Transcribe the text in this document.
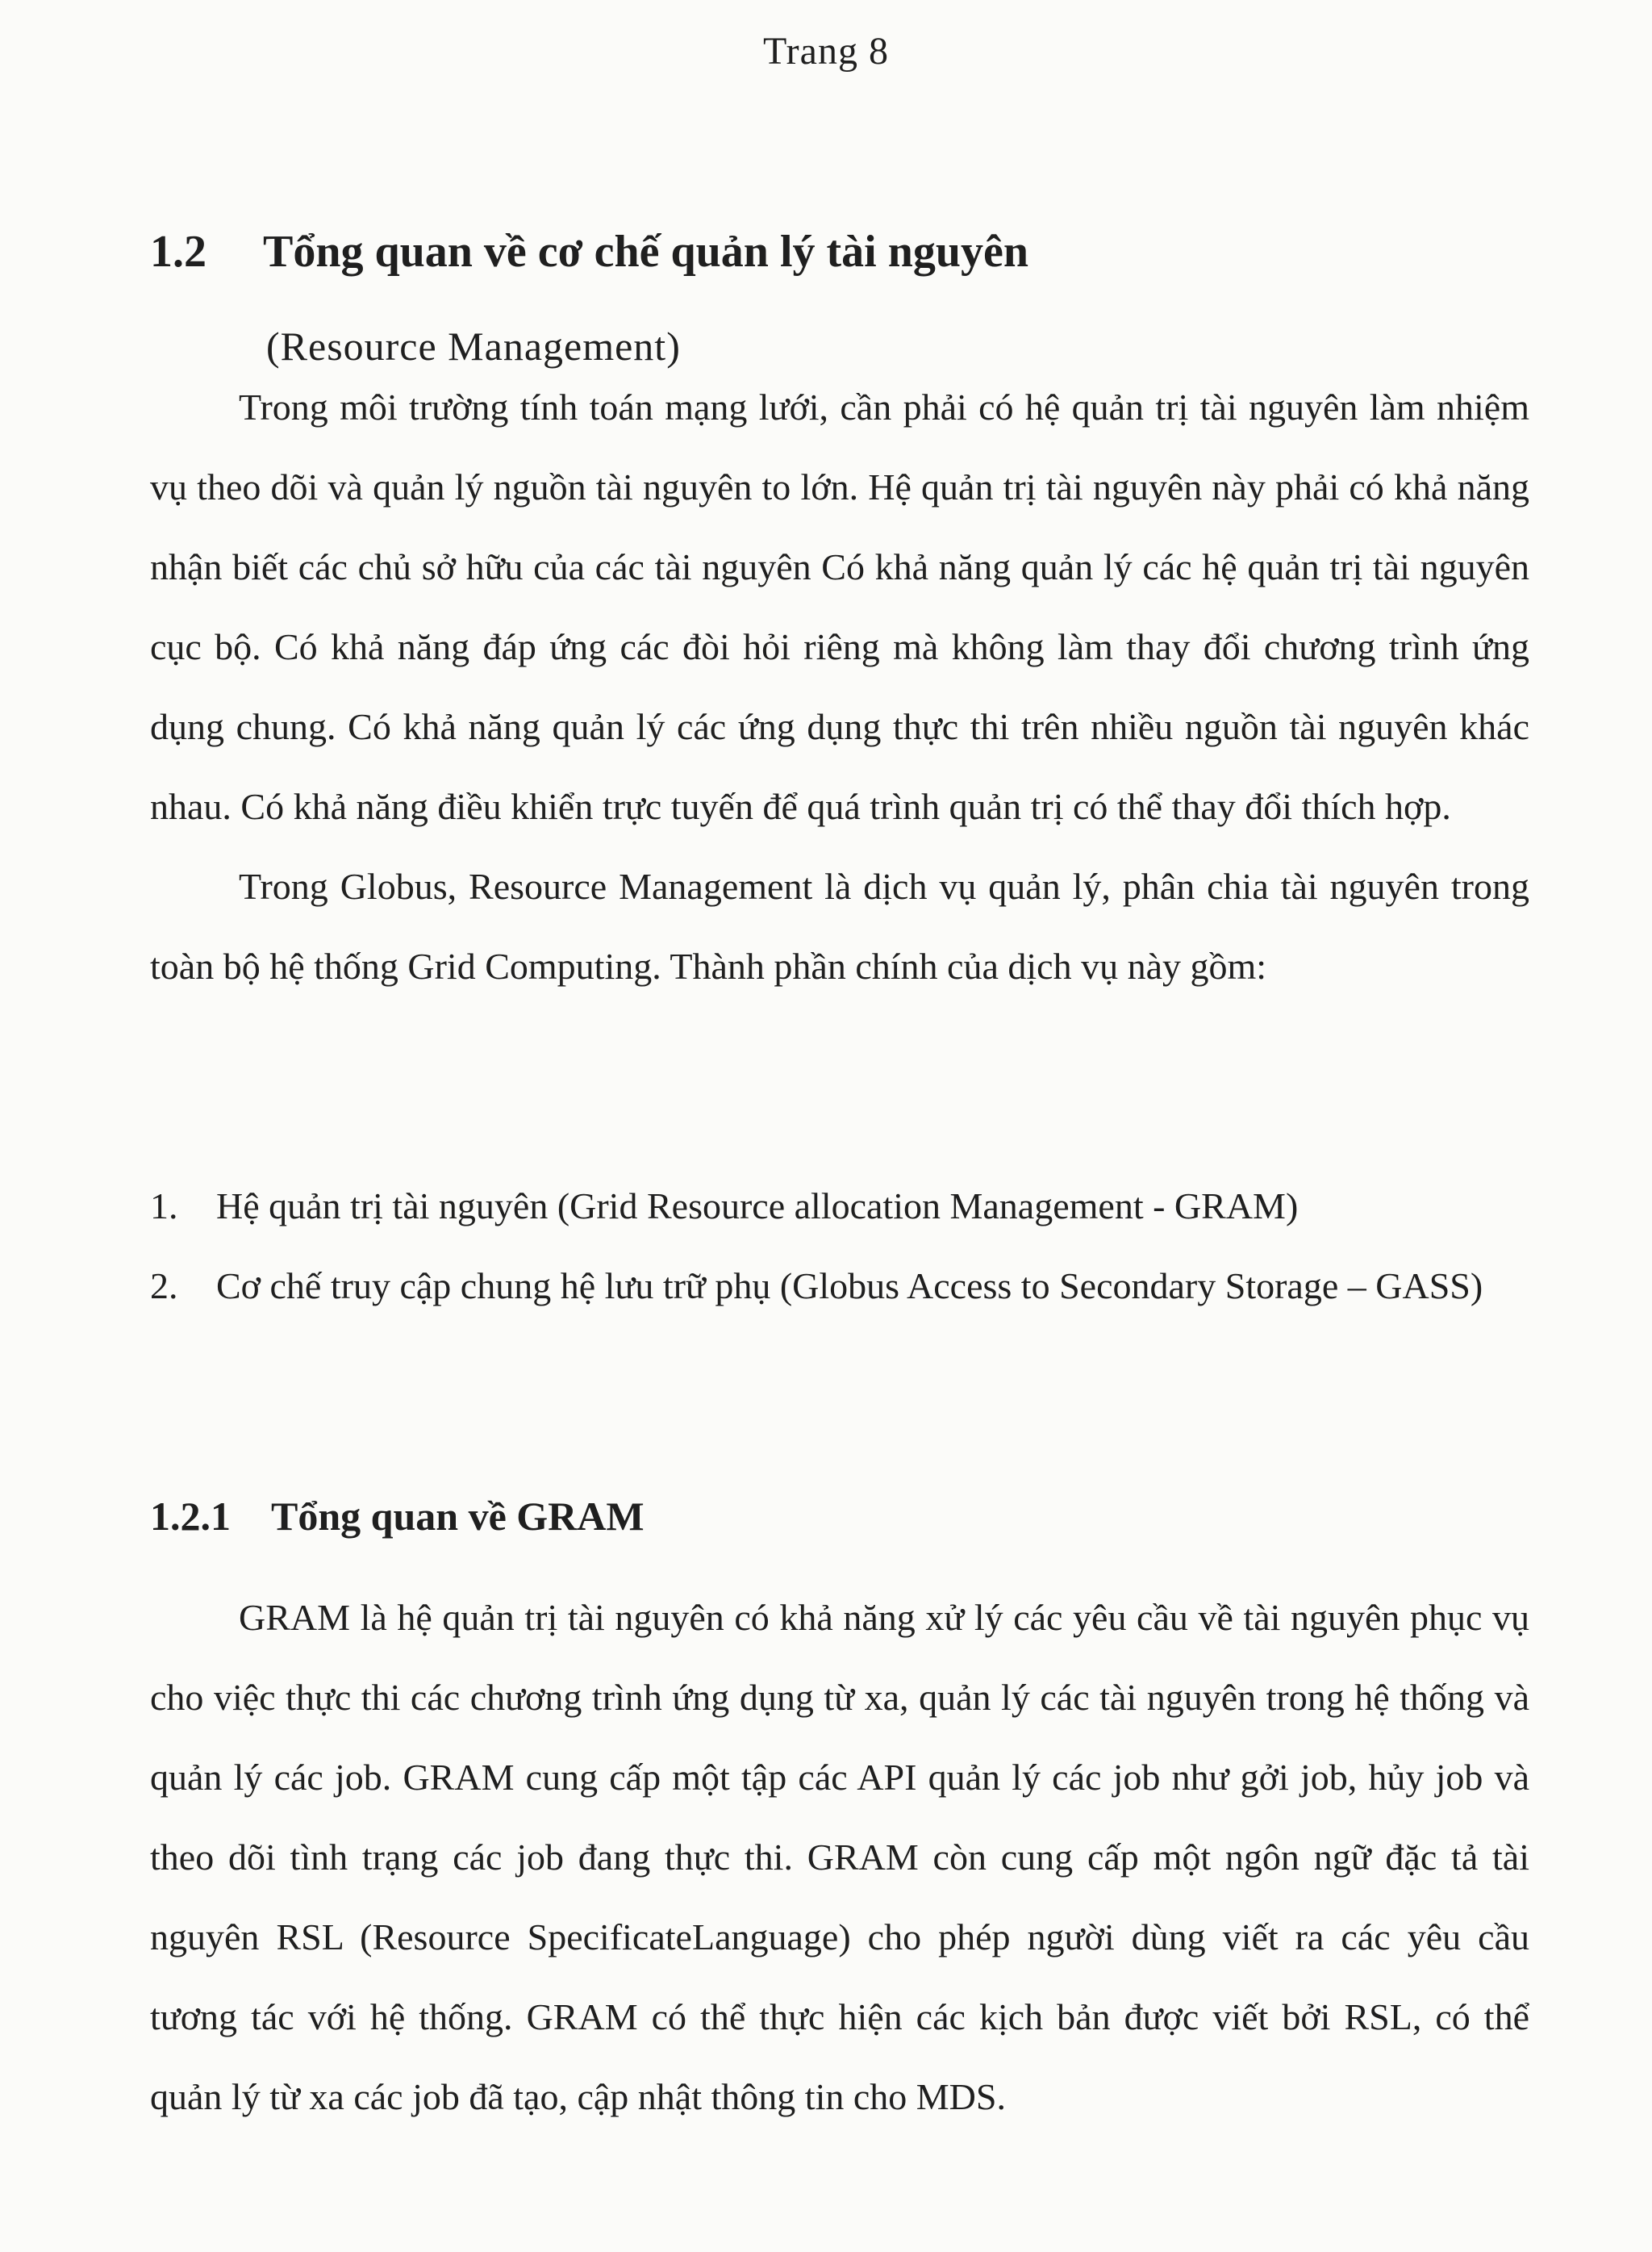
Trang 8
1.2 Tổng quan về cơ chế quản lý tài nguyên
(Resource Management)

Trong môi trường tính toán mạng lưới, cần phải có hệ quản trị tài nguyên làm nhiệm vụ theo dõi và quản lý nguồn tài nguyên to lớn. Hệ quản trị tài nguyên này phải có khả năng nhận biết các chủ sở hữu của các tài nguyên Có khả năng quản lý các hệ quản trị tài nguyên cục bộ. Có khả năng đáp ứng các đòi hỏi riêng mà không làm thay đổi chương trình ứng dụng chung. Có khả năng quản lý các ứng dụng thực thi trên nhiều nguồn tài nguyên khác nhau. Có khả năng điều khiển trực tuyến để quá trình quản trị có thể thay đổi thích hợp.

Trong Globus, Resource Management là dịch vụ quản lý, phân chia tài nguyên trong toàn bộ hệ thống Grid Computing. Thành phần chính của dịch vụ này gồm:

1.	Hệ quản trị tài nguyên (Grid Resource allocation Management - GRAM)
2.	Cơ chế truy cập chung hệ lưu trữ phụ (Globus Access to Secondary Storage – GASS)
1.2.1 Tổng quan về GRAM

GRAM là hệ quản trị tài nguyên có khả năng xử lý các yêu cầu về tài nguyên phục vụ cho việc thực thi các chương trình ứng dụng từ xa, quản lý các tài nguyên trong hệ thống và quản lý các job. GRAM cung cấp một tập các API quản lý các job như gởi job, hủy job và theo dõi tình trạng các job đang thực thi. GRAM còn cung cấp một ngôn ngữ đặc tả tài nguyên RSL (Resource SpecificateLanguage) cho phép người dùng viết ra các yêu cầu tương tác với hệ thống. GRAM có thể thực hiện các kịch bản được viết bởi RSL, có thể quản lý từ xa các job đã tạo, cập nhật thông tin cho MDS.
